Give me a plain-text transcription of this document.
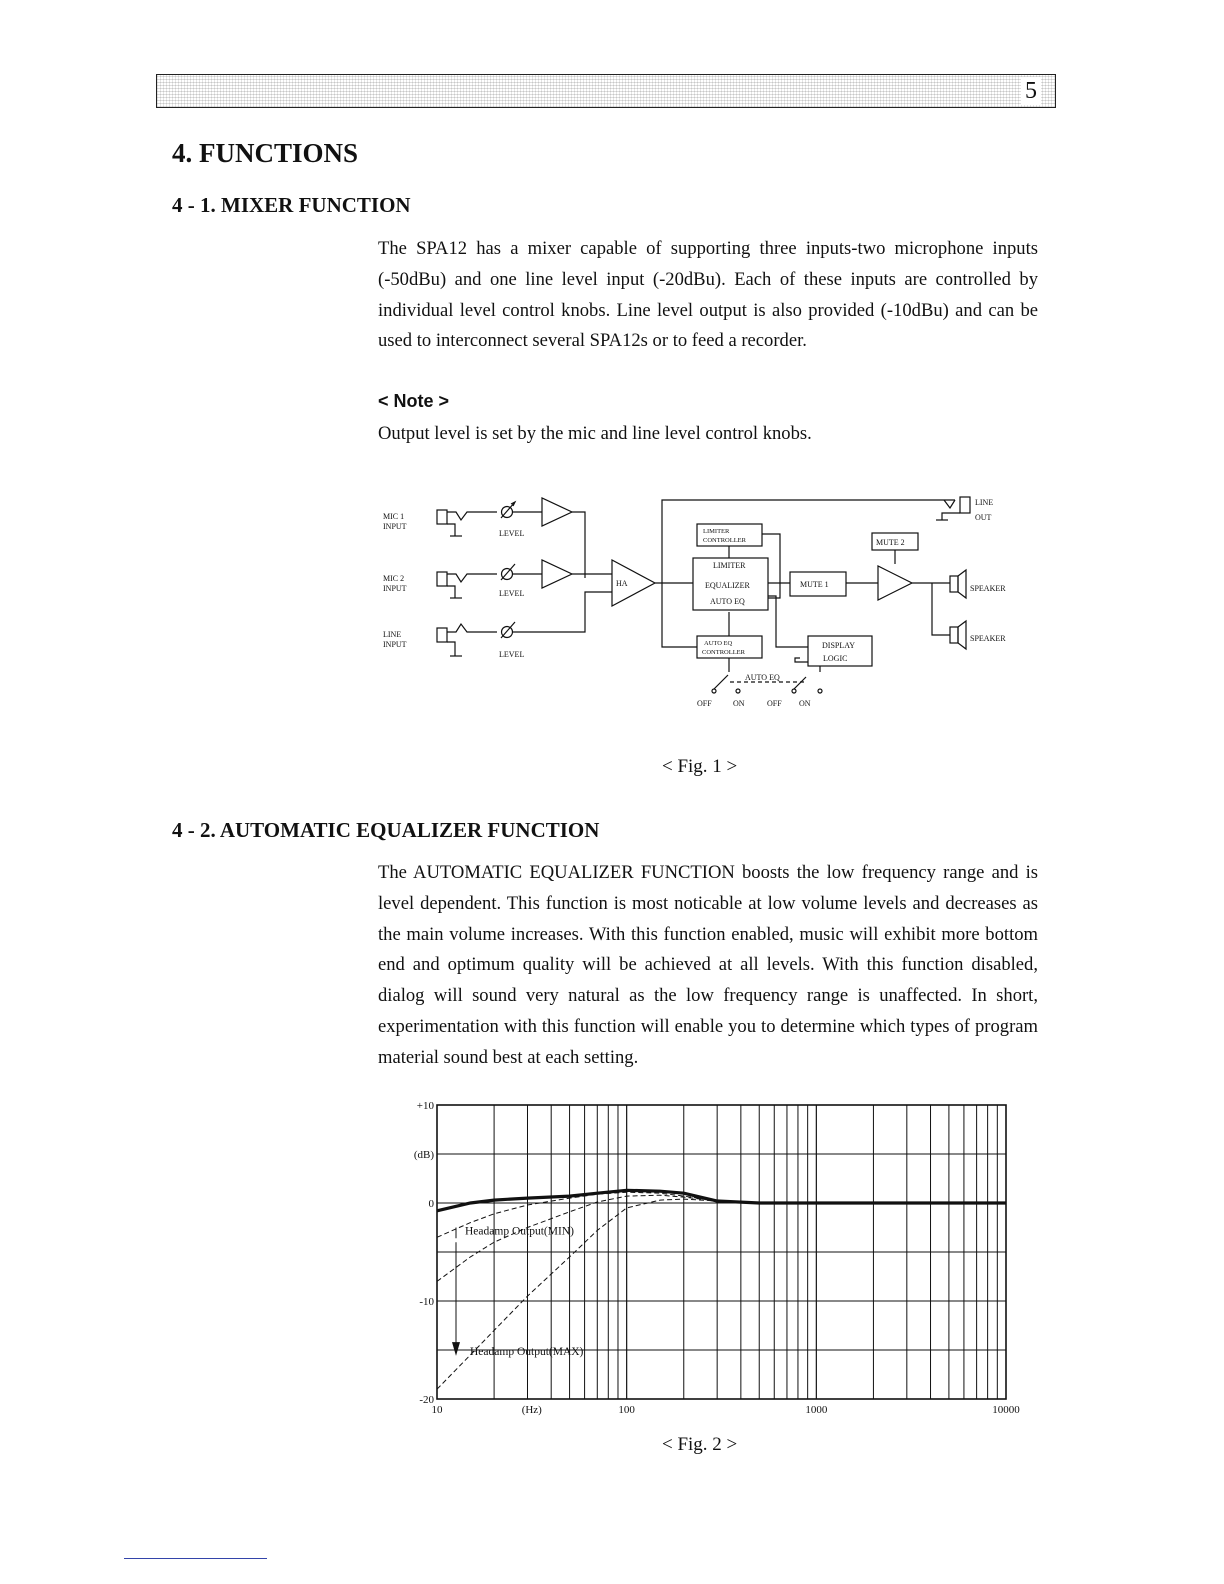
5
4. FUNCTIONS
4 - 1. MIXER FUNCTION

The SPA12 has a mixer capable of supporting three inputs-two microphone inputs (-50dBu) and one line level input (-20dBu). Each of these inputs are controlled by individual level control knobs. Line level output is also provided (-10dBu) and can be used to interconnect several SPA12s or to feed a recorder.

< Note >
Output level is set by the mic and line level control knobs.
MIC 1
INPUT
MIC 2
INPUT
LINE
INPUT
LEVEL
LEVEL
LEVEL
HA
LIMITER
CONTROLLER
LIMITER
EQUALIZER
AUTO EQ
MUTE 1
MUTE 2
AUTO EQ
CONTROLLER
DISPLAY
LOGIC
SPEAKER
SPEAKER
LINE
OUT
AUTO EQ
OFF	ON	OFF ON
< Fig. 1 >
4 - 2. AUTOMATIC EQUALIZER FUNCTION

The AUTOMATIC EQUALIZER FUNCTION boosts the low frequency range and is level dependent. This function is most noticable at low volume levels and decreases as the main volume increases. With this function enabled, music will exhibit more bottom end and optimum quality will be achieved at all levels. With this function disabled, dialog will sound very natural as the low frequency range is unaffected. In short, experimentation with this function will enable you to determine which types of program material sound best at each setting.

+10
0
-10
-20
(dB)
10	100	1000	10000
(Hz)
Headamp Output(MIN)
Headamp Output(MAX)
< Fig. 2 >
